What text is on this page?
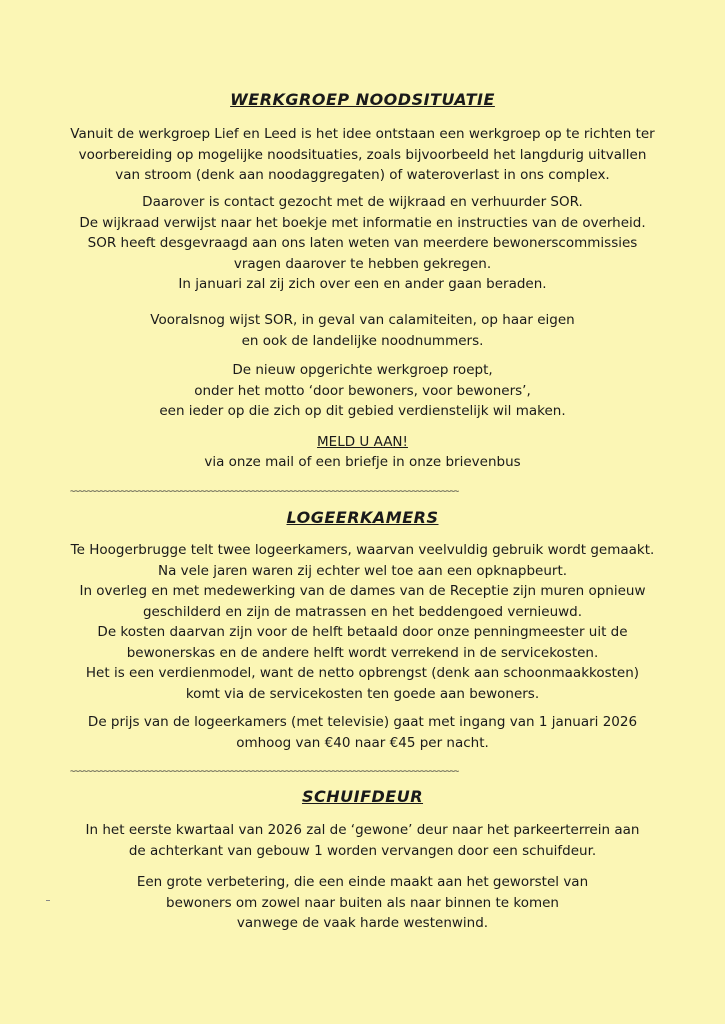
WERKGROEP NOODSITUATIE
Vanuit de werkgroep Lief en Leed is het idee ontstaan een werkgroep op te richten ter
voorbereiding op mogelijke noodsituaties, zoals bijvoorbeeld het langdurig uitvallen
van stroom (denk aan noodaggregaten) of wateroverlast in ons complex.
Daarover is contact gezocht met de wijkraad en verhuurder SOR.
De wijkraad verwijst naar het boekje met informatie en instructies van de overheid.
SOR heeft desgevraagd aan ons laten weten van meerdere bewonerscommissies
vragen daarover te hebben gekregen.
In januari zal zij zich over een en ander gaan beraden.
Vooralsnog wijst SOR, in geval van calamiteiten, op haar eigen
en ook de landelijke noodnummers.
De nieuw opgerichte werkgroep roept,
onder het motto ‘door bewoners, voor bewoners’,
een ieder op die zich op dit gebied verdienstelijk wil maken.
MELD U AAN!
via onze mail of een briefje in onze brievenbus
~~~~~~~~~~~~~~~~~~~~~~~~~~~~~~~~~~~~~~~~~~~~~~~~~~~~~~~~~~~~~~~~~~~~~~~~~~~~~~~~~~~~~~~~~~~~
LOGEERKAMERS
Te Hoogerbrugge telt twee logeerkamers, waarvan veelvuldig gebruik wordt gemaakt.
Na vele jaren waren zij echter wel toe aan een opknapbeurt.
In overleg en met medewerking van de dames van de Receptie zijn muren opnieuw
geschilderd en zijn de matrassen en het beddengoed vernieuwd.
De kosten daarvan zijn voor de helft betaald door onze penningmeester uit de
bewonerskas en de andere helft wordt verrekend in de servicekosten.
Het is een verdienmodel, want de netto opbrengst (denk aan schoonmaakkosten)
komt via de servicekosten ten goede aan bewoners.
De prijs van de logeerkamers (met televisie) gaat met ingang van 1 januari 2026
omhoog van €40 naar €45 per nacht.
~~~~~~~~~~~~~~~~~~~~~~~~~~~~~~~~~~~~~~~~~~~~~~~~~~~~~~~~~~~~~~~~~~~~~~~~~~~~~~~~~~~~~~~~~~~~
SCHUIFDEUR
In het eerste kwartaal van 2026 zal de ‘gewone’ deur naar het parkeerterrein aan
de achterkant van gebouw 1 worden vervangen door een schuifdeur.
Een grote verbetering, die een einde maakt aan het geworstel van
bewoners om zowel naar buiten als naar binnen te komen
vanwege de vaak harde westenwind.
